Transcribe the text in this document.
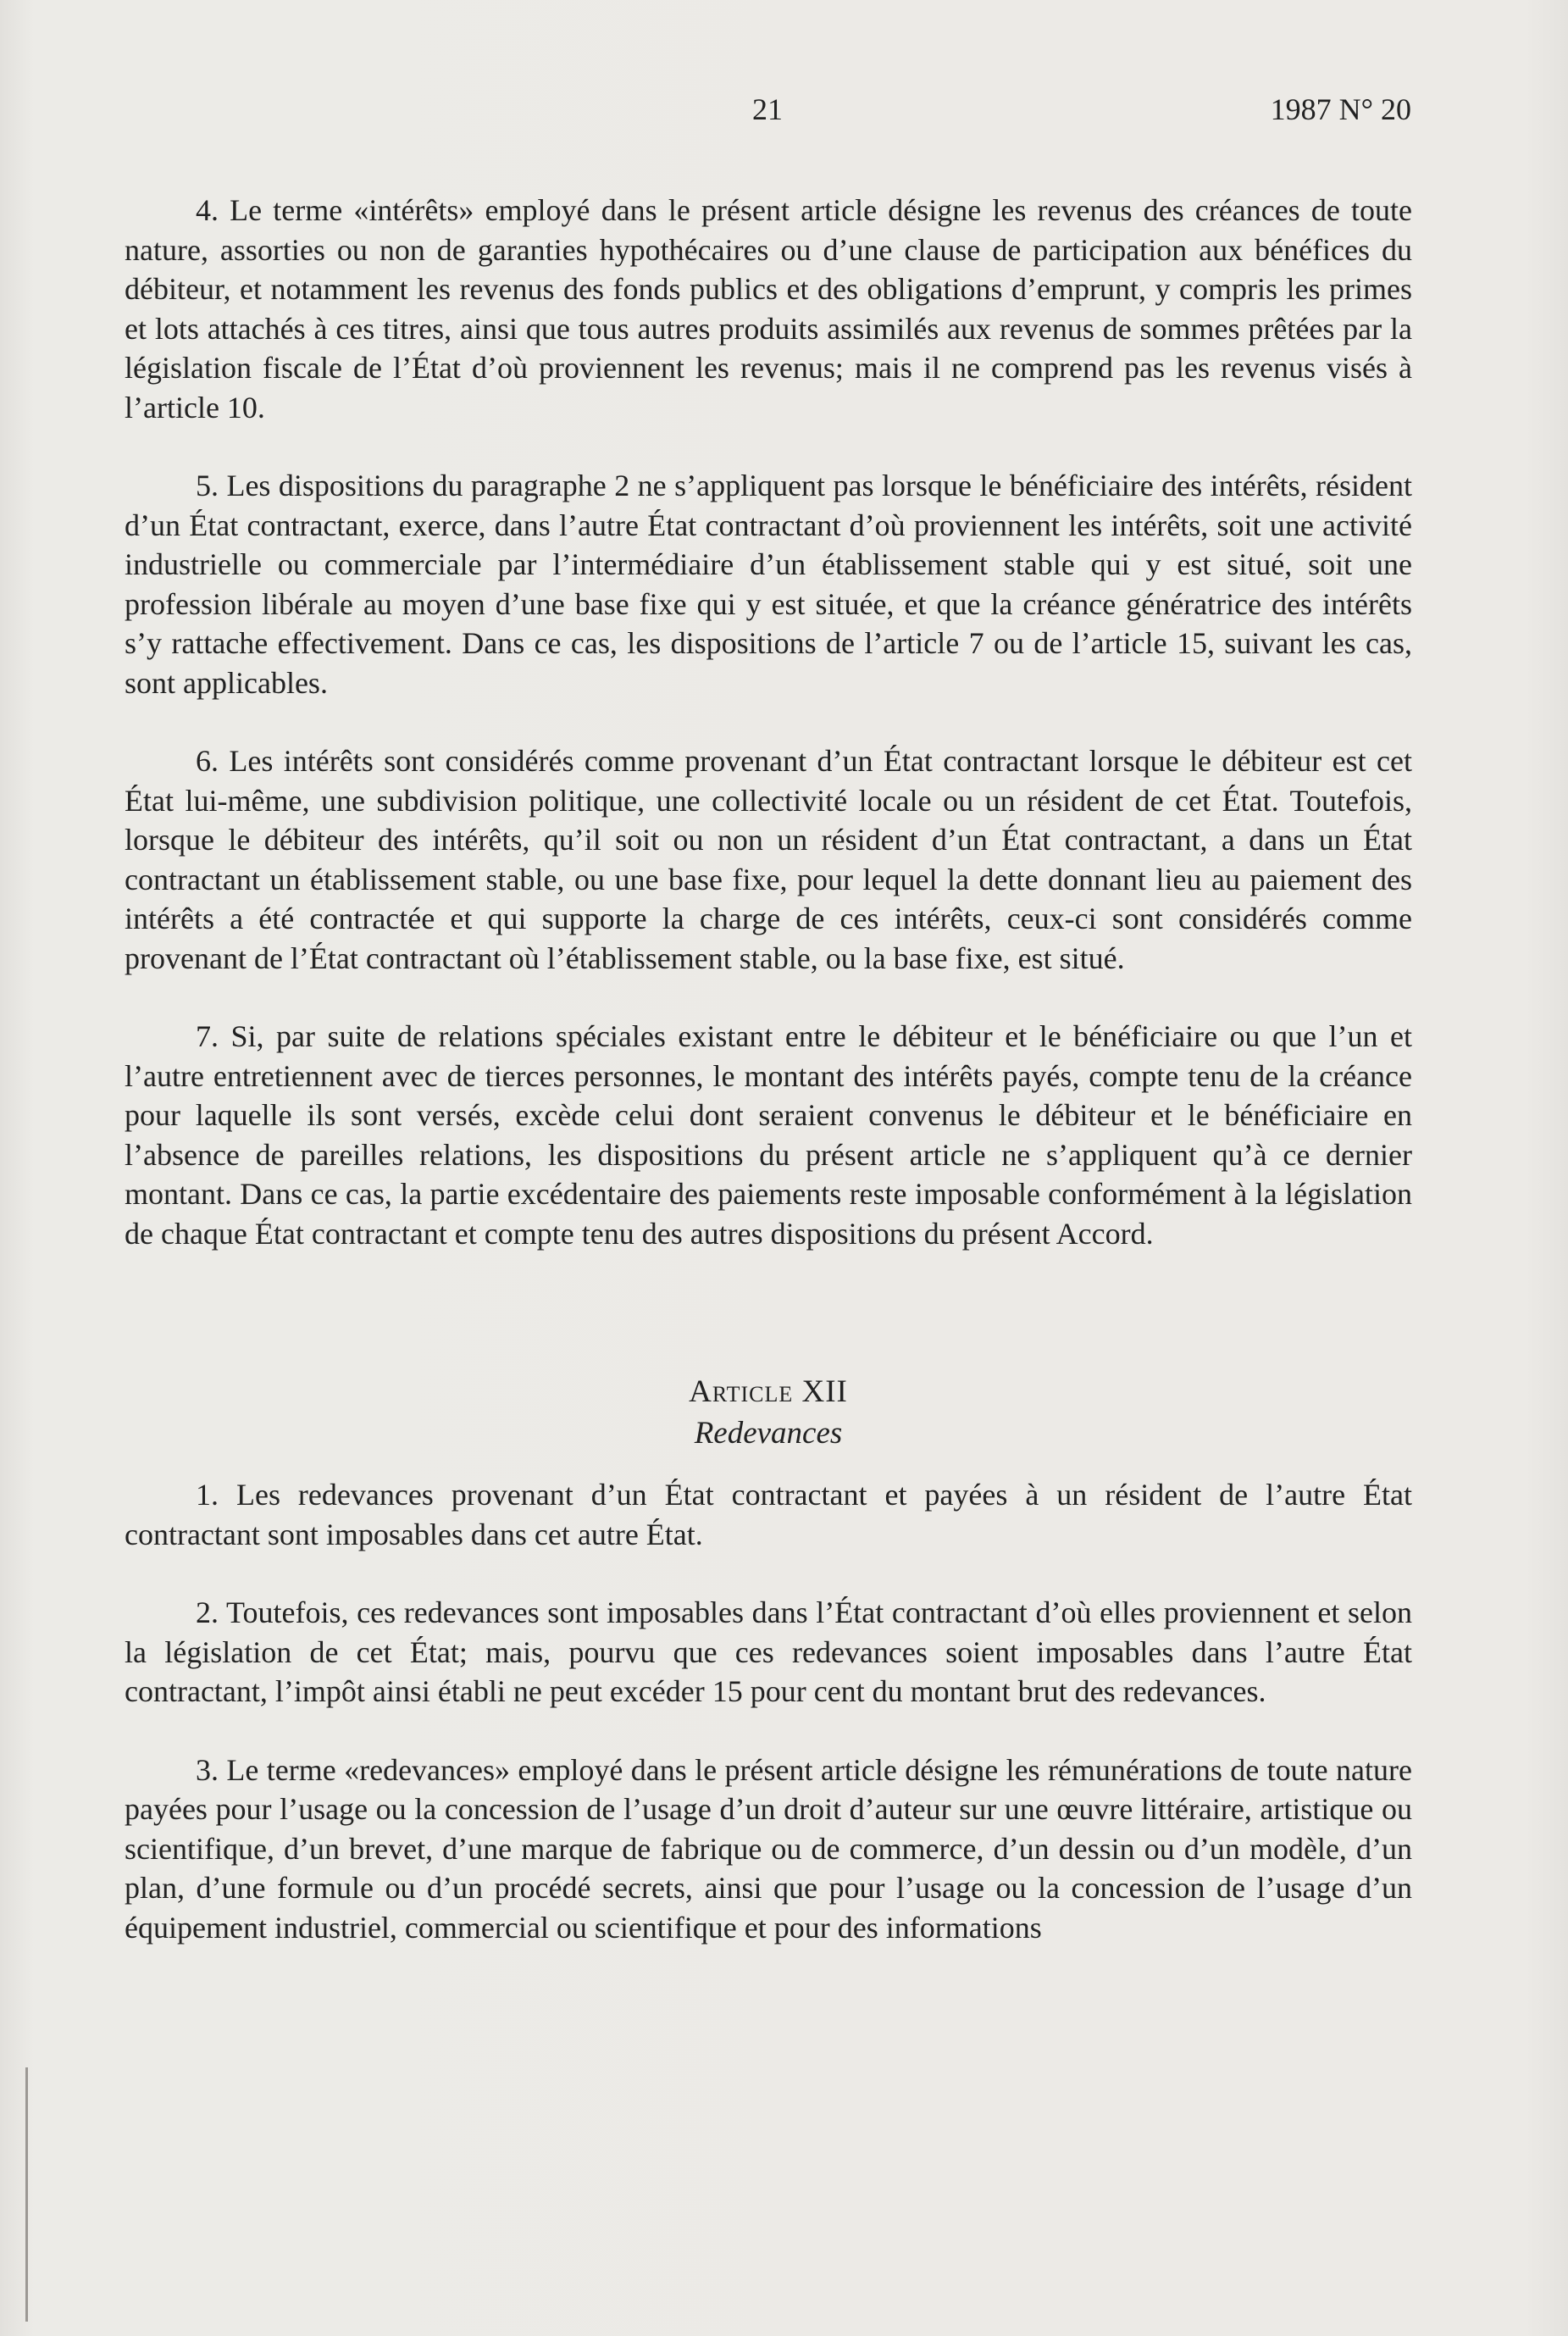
21	1987 N° 20

4. Le terme «intérêts» employé dans le présent article désigne les revenus des créances de toute nature, assorties ou non de garanties hypothécaires ou d’une clause de participation aux bénéfices du débiteur, et notamment les revenus des fonds publics et des obligations d’emprunt, y compris les primes et lots attachés à ces titres, ainsi que tous autres produits assimilés aux revenus de sommes prêtées par la législation fiscale de l’État d’où proviennent les revenus; mais il ne comprend pas les revenus visés à l’article 10.

5. Les dispositions du paragraphe 2 ne s’appliquent pas lorsque le bénéficiaire des intérêts, résident d’un État contractant, exerce, dans l’autre État contractant d’où proviennent les intérêts, soit une activité industrielle ou commerciale par l’intermédiaire d’un établissement stable qui y est situé, soit une profession libérale au moyen d’une base fixe qui y est située, et que la créance génératrice des intérêts s’y rattache effectivement. Dans ce cas, les dispositions de l’article 7 ou de l’article 15, suivant les cas, sont applicables.

6. Les intérêts sont considérés comme provenant d’un État contractant lorsque le débiteur est cet État lui-même, une subdivision politique, une collectivité locale ou un résident de cet État. Toutefois, lorsque le débiteur des intérêts, qu’il soit ou non un résident d’un État contractant, a dans un État contractant un établissement stable, ou une base fixe, pour lequel la dette donnant lieu au paiement des intérêts a été contractée et qui supporte la charge de ces intérêts, ceux-ci sont considérés comme provenant de l’État contractant où l’établissement stable, ou la base fixe, est situé.

7. Si, par suite de relations spéciales existant entre le débiteur et le bénéficiaire ou que l’un et l’autre entretiennent avec de tierces personnes, le montant des intérêts payés, compte tenu de la créance pour laquelle ils sont versés, excède celui dont seraient convenus le débiteur et le bénéficiaire en l’absence de pareilles relations, les dispositions du présent article ne s’appliquent qu’à ce dernier montant. Dans ce cas, la partie excédentaire des paiements reste imposable conformément à la législation de chaque État contractant et compte tenu des autres dispositions du présent Accord.

Article XII
Redevances

1. Les redevances provenant d’un État contractant et payées à un résident de l’autre État contractant sont imposables dans cet autre État.

2. Toutefois, ces redevances sont imposables dans l’État contractant d’où elles proviennent et selon la législation de cet État; mais, pourvu que ces redevances soient imposables dans l’autre État contractant, l’impôt ainsi établi ne peut excéder 15 pour cent du montant brut des redevances.

3. Le terme «redevances» employé dans le présent article désigne les rémunérations de toute nature payées pour l’usage ou la concession de l’usage d’un droit d’auteur sur une œuvre littéraire, artistique ou scientifique, d’un brevet, d’une marque de fabrique ou de commerce, d’un dessin ou d’un modèle, d’un plan, d’une formule ou d’un procédé secrets, ainsi que pour l’usage ou la concession de l’usage d’un équipement industriel, commercial ou scientifique et pour des informations
